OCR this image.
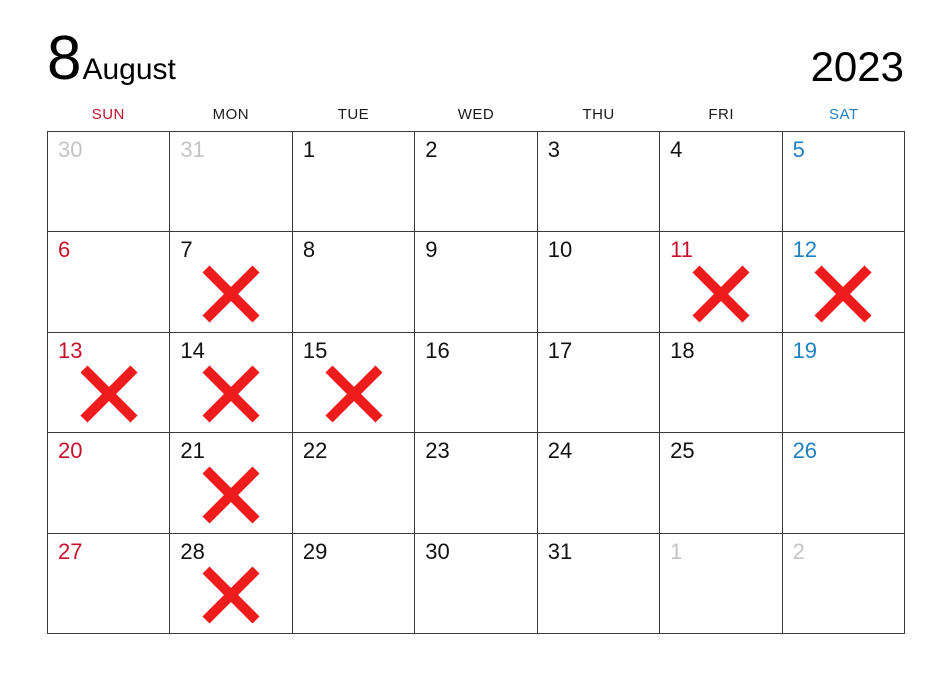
8 August	2023
SUN	MON	TUE	WED	THU	FRI	SAT
30	31	1	2	3	4	5
6	7	8	9	10	11	12
13	14	15	16	17	18	19
20	21	22	23	24	25	26
27	28	29	30	31	1	2
